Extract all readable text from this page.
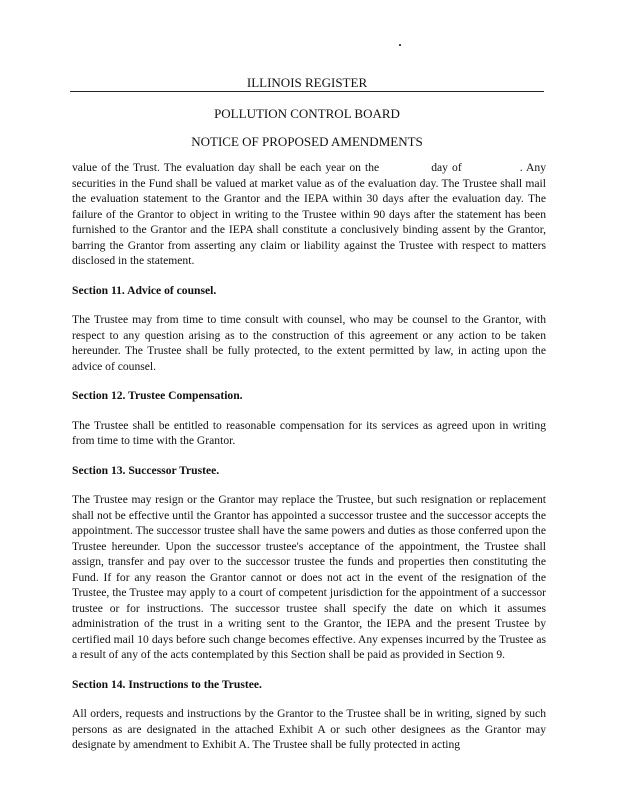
ILLINOIS REGISTER
POLLUTION CONTROL BOARD
NOTICE OF PROPOSED AMENDMENTS

value of the Trust. The evaluation day shall be each year on the	day of	. Any securities in the Fund shall be valued at market value as of the evaluation day. The Trustee shall mail the evaluation statement to the Grantor and the IEPA within 30 days after the evaluation day. The failure of the Grantor to object in writing to the Trustee within 90 days after the statement has been furnished to the Grantor and the IEPA shall constitute a conclusively binding assent by the Grantor, barring the Grantor from asserting any claim or liability against the Trustee with respect to matters disclosed in the statement.

Section 11. Advice of counsel.

The Trustee may from time to time consult with counsel, who may be counsel to the Grantor, with respect to any question arising as to the construction of this agreement or any action to be taken hereunder. The Trustee shall be fully protected, to the extent permitted by law, in acting upon the advice of counsel.

Section 12. Trustee Compensation.

The Trustee shall be entitled to reasonable compensation for its services as agreed upon in writing from time to time with the Grantor.

Section 13. Successor Trustee.

The Trustee may resign or the Grantor may replace the Trustee, but such resignation or replacement shall not be effective until the Grantor has appointed a successor trustee and the successor accepts the appointment. The successor trustee shall have the same powers and duties as those conferred upon the Trustee hereunder. Upon the successor trustee's acceptance of the appointment, the Trustee shall assign, transfer and pay over to the successor trustee the funds and properties then constituting the Fund. If for any reason the Grantor cannot or does not act in the event of the resignation of the Trustee, the Trustee may apply to a court of competent jurisdiction for the appointment of a successor trustee or for instructions. The successor trustee shall specify the date on which it assumes administration of the trust in a writing sent to the Grantor, the IEPA and the present Trustee by certified mail 10 days before such change becomes effective. Any expenses incurred by the Trustee as a result of any of the acts contemplated by this Section shall be paid as provided in Section 9.

Section 14. Instructions to the Trustee.

All orders, requests and instructions by the Grantor to the Trustee shall be in writing, signed by such persons as are designated in the attached Exhibit A or such other designees as the Grantor may designate by amendment to Exhibit A. The Trustee shall be fully protected in acting
